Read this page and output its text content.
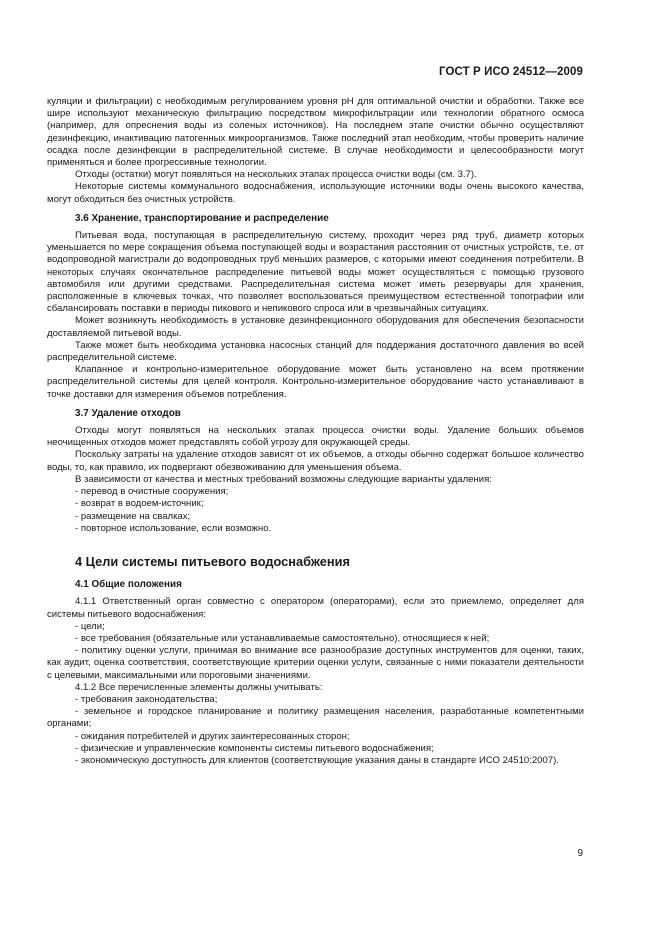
ГОСТ Р ИСО 24512—2009

куляции и фильтрации) с необходимым регулированием уровня pH для оптимальной очистки и обработки. Также все шире используют механическую фильтрацию посредством микрофильтрации или технологии обратного осмоса (например, для опреснения воды из соленых источников). На последнем этапе очистки обычно осуществляют дезинфекцию, инактивацию патогенных микроорганизмов. Также последний этап необходим, чтобы проверить наличие осадка после дезинфекции в распределительной системе. В случае необходимости и целесообразности могут применяться и более прогрессивные технологии.

Отходы (остатки) могут появляться на нескольких этапах процесса очистки воды (см. 3.7).

Некоторые системы коммунального водоснабжения, использующие источники воды очень высокого качества, могут обходиться без очистных устройств.

3.6 Хранение, транспортирование и распределение

Питьевая вода, поступающая в распределительную систему, проходит через ряд труб, диаметр которых уменьшается по мере сокращения объема поступающей воды и возрастания расстояния от очистных устройств, т.е. от водопроводной магистрали до водопроводных труб меньших размеров, с которыми имеют соединения потребители. В некоторых случаях окончательное распределение питьевой воды может осуществляться с помощью грузового автомобиля или другими средствами. Распределительная система может иметь резервуары для хранения, расположенные в ключевых точках, что позволяет воспользоваться преимуществом естественной топографии или сбалансировать поставки в периоды пикового и непикового спроса или в чрезвычайных ситуациях.

Может возникнуть необходимость в установке дезинфекционного оборудования для обеспечения безопасности доставляемой питьевой воды.

Также может быть необходима установка насосных станций для поддержания достаточного давления во всей распределительной системе.

Клапанное и контрольно-измерительное оборудование может быть установлено на всем протяжении распределительной системы для целей контроля. Контрольно-измерительное оборудование часто устанавливают в точке доставки для измерения объемов потребления.

3.7 Удаление отходов

Отходы могут появляться на нескольких этапах процесса очистки воды. Удаление больших объемов неочищенных отходов может представлять собой угрозу для окружающей среды.

Поскольку затраты на удаление отходов зависят от их объемов, а отходы обычно содержат большое количество воды, то, как правило, их подвергают обезвоживанию для уменьшения объема.

В зависимости от качества и местных требований возможны следующие варианты удаления:

- перевод в очистные сооружения;

- возврат в водоем-источник;

- размещение на свалках;

- повторное использование, если возможно.

4 Цели системы питьевого водоснабжения
4.1 Общие положения

4.1.1 Ответственный орган совместно с оператором (операторами), если это приемлемо, определяет для системы питьевого водоснабжения:

- цели;

- все требования (обязательные или устанавливаемые самостоятельно), относящиеся к ней;

- политику оценки услуги, принимая во внимание все разнообразие доступных инструментов для оценки, таких, как аудит, оценка соответствия, соответствующие критерии оценки услуги, связанные с ними показатели деятельности с целевыми, максимальными или пороговыми значениями.

4.1.2 Все перечисленные элементы должны учитывать:

- требования законодательства;

- земельное и городское планирование и политику размещения населения, разработанные компетентными органами;

- ожидания потребителей и других заинтересованных сторон;

- физические и управленческие компоненты системы питьевого водоснабжения;

- экономическую доступность для клиентов (соответствующие указания даны в стандарте ИСО 24510:2007).

9
